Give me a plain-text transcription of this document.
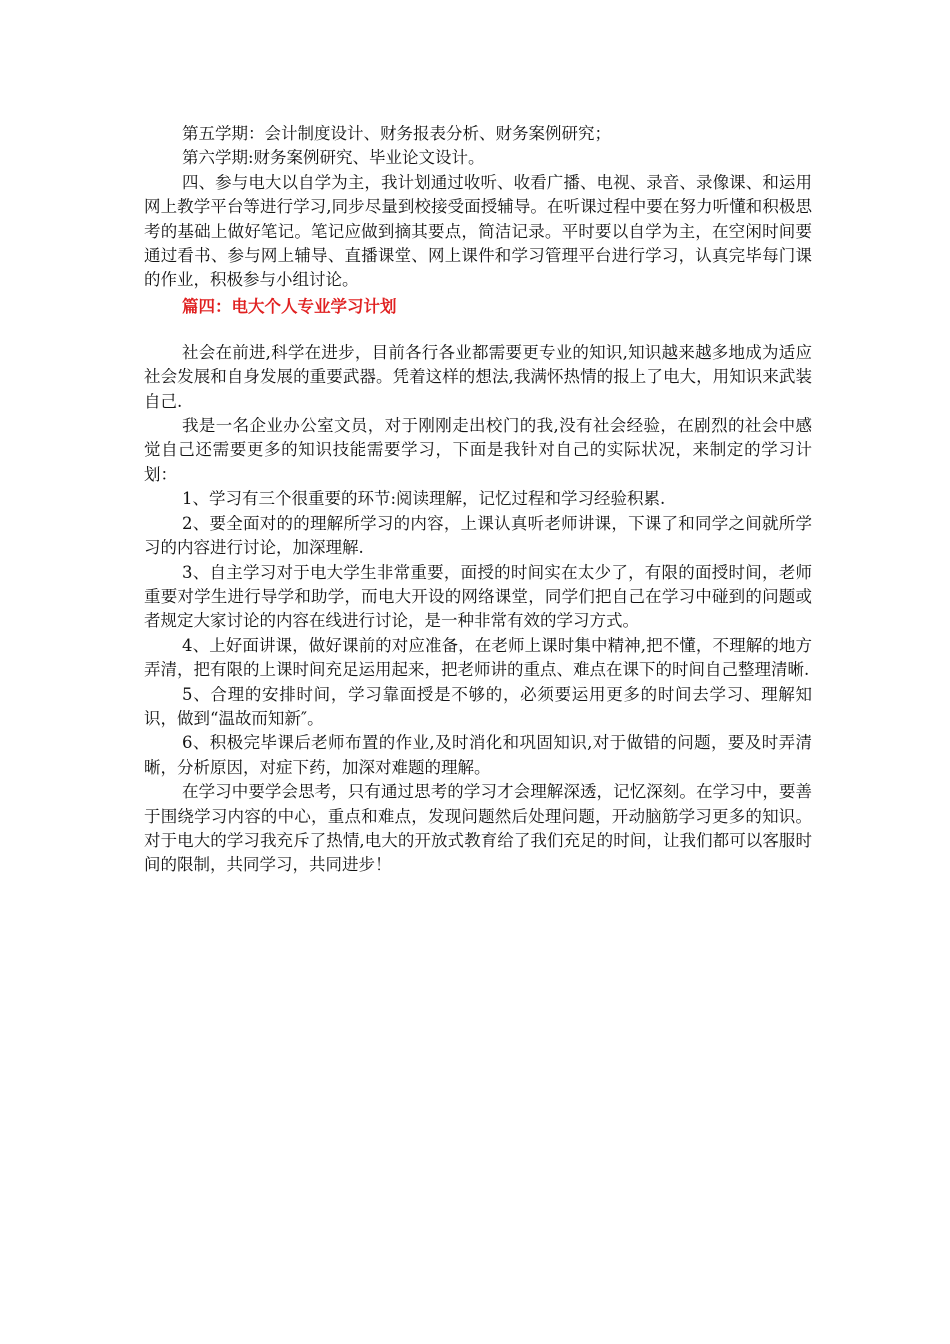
第五学期：会计制度设计、财务报表分析、财务案例研究；

第六学期:财务案例研究、毕业论文设计。

四、参与电大以自学为主，我计划通过收听、收看广播、电视、录音、录像课、和运用网上教学平台等进行学习,同步尽量到校接受面授辅导。在听课过程中要在努力听懂和积极思考的基础上做好笔记。笔记应做到摘其要点，简洁记录。平时要以自学为主，在空闲时间要通过看书、参与网上辅导、直播课堂、网上课件和学习管理平台进行学习，认真完毕每门课的作业，积极参与小组讨论。

篇四：电大个人专业学习计划

社会在前进,科学在进步，目前各行各业都需要更专业的知识,知识越来越多地成为适应社会发展和自身发展的重要武器。凭着这样的想法,我满怀热情的报上了电大，用知识来武装自己.

我是一名企业办公室文员，对于刚刚走出校门的我,没有社会经验，在剧烈的社会中感觉自己还需要更多的知识技能需要学习，下面是我针对自己的实际状况，来制定的学习计划：

1、学习有三个很重要的环节:阅读理解，记忆过程和学习经验积累.

2、要全面对的的理解所学习的内容，上课认真听老师讲课，下课了和同学之间就所学习的内容进行讨论，加深理解.

3、自主学习对于电大学生非常重要，面授的时间实在太少了，有限的面授时间，老师重要对学生进行导学和助学，而电大开设的网络课堂，同学们把自己在学习中碰到的问题或者规定大家讨论的内容在线进行讨论，是一种非常有效的学习方式。

4、上好面讲课，做好课前的对应准备，在老师上课时集中精神,把不懂，不理解的地方弄清，把有限的上课时间充足运用起来，把老师讲的重点、难点在课下的时间自己整理清晰.

5、合理的安排时间，学习靠面授是不够的，必须要运用更多的时间去学习、理解知识，做到“温故而知新″。

6、积极完毕课后老师布置的作业,及时消化和巩固知识,对于做错的问题，要及时弄清晰，分析原因，对症下药，加深对难题的理解。

在学习中要学会思考，只有通过思考的学习才会理解深透，记忆深刻。在学习中，要善于围绕学习内容的中心，重点和难点，发现问题然后处理问题，开动脑筋学习更多的知识。对于电大的学习我充斥了热情,电大的开放式教育给了我们充足的时间，让我们都可以客服时间的限制，共同学习，共同进步！
